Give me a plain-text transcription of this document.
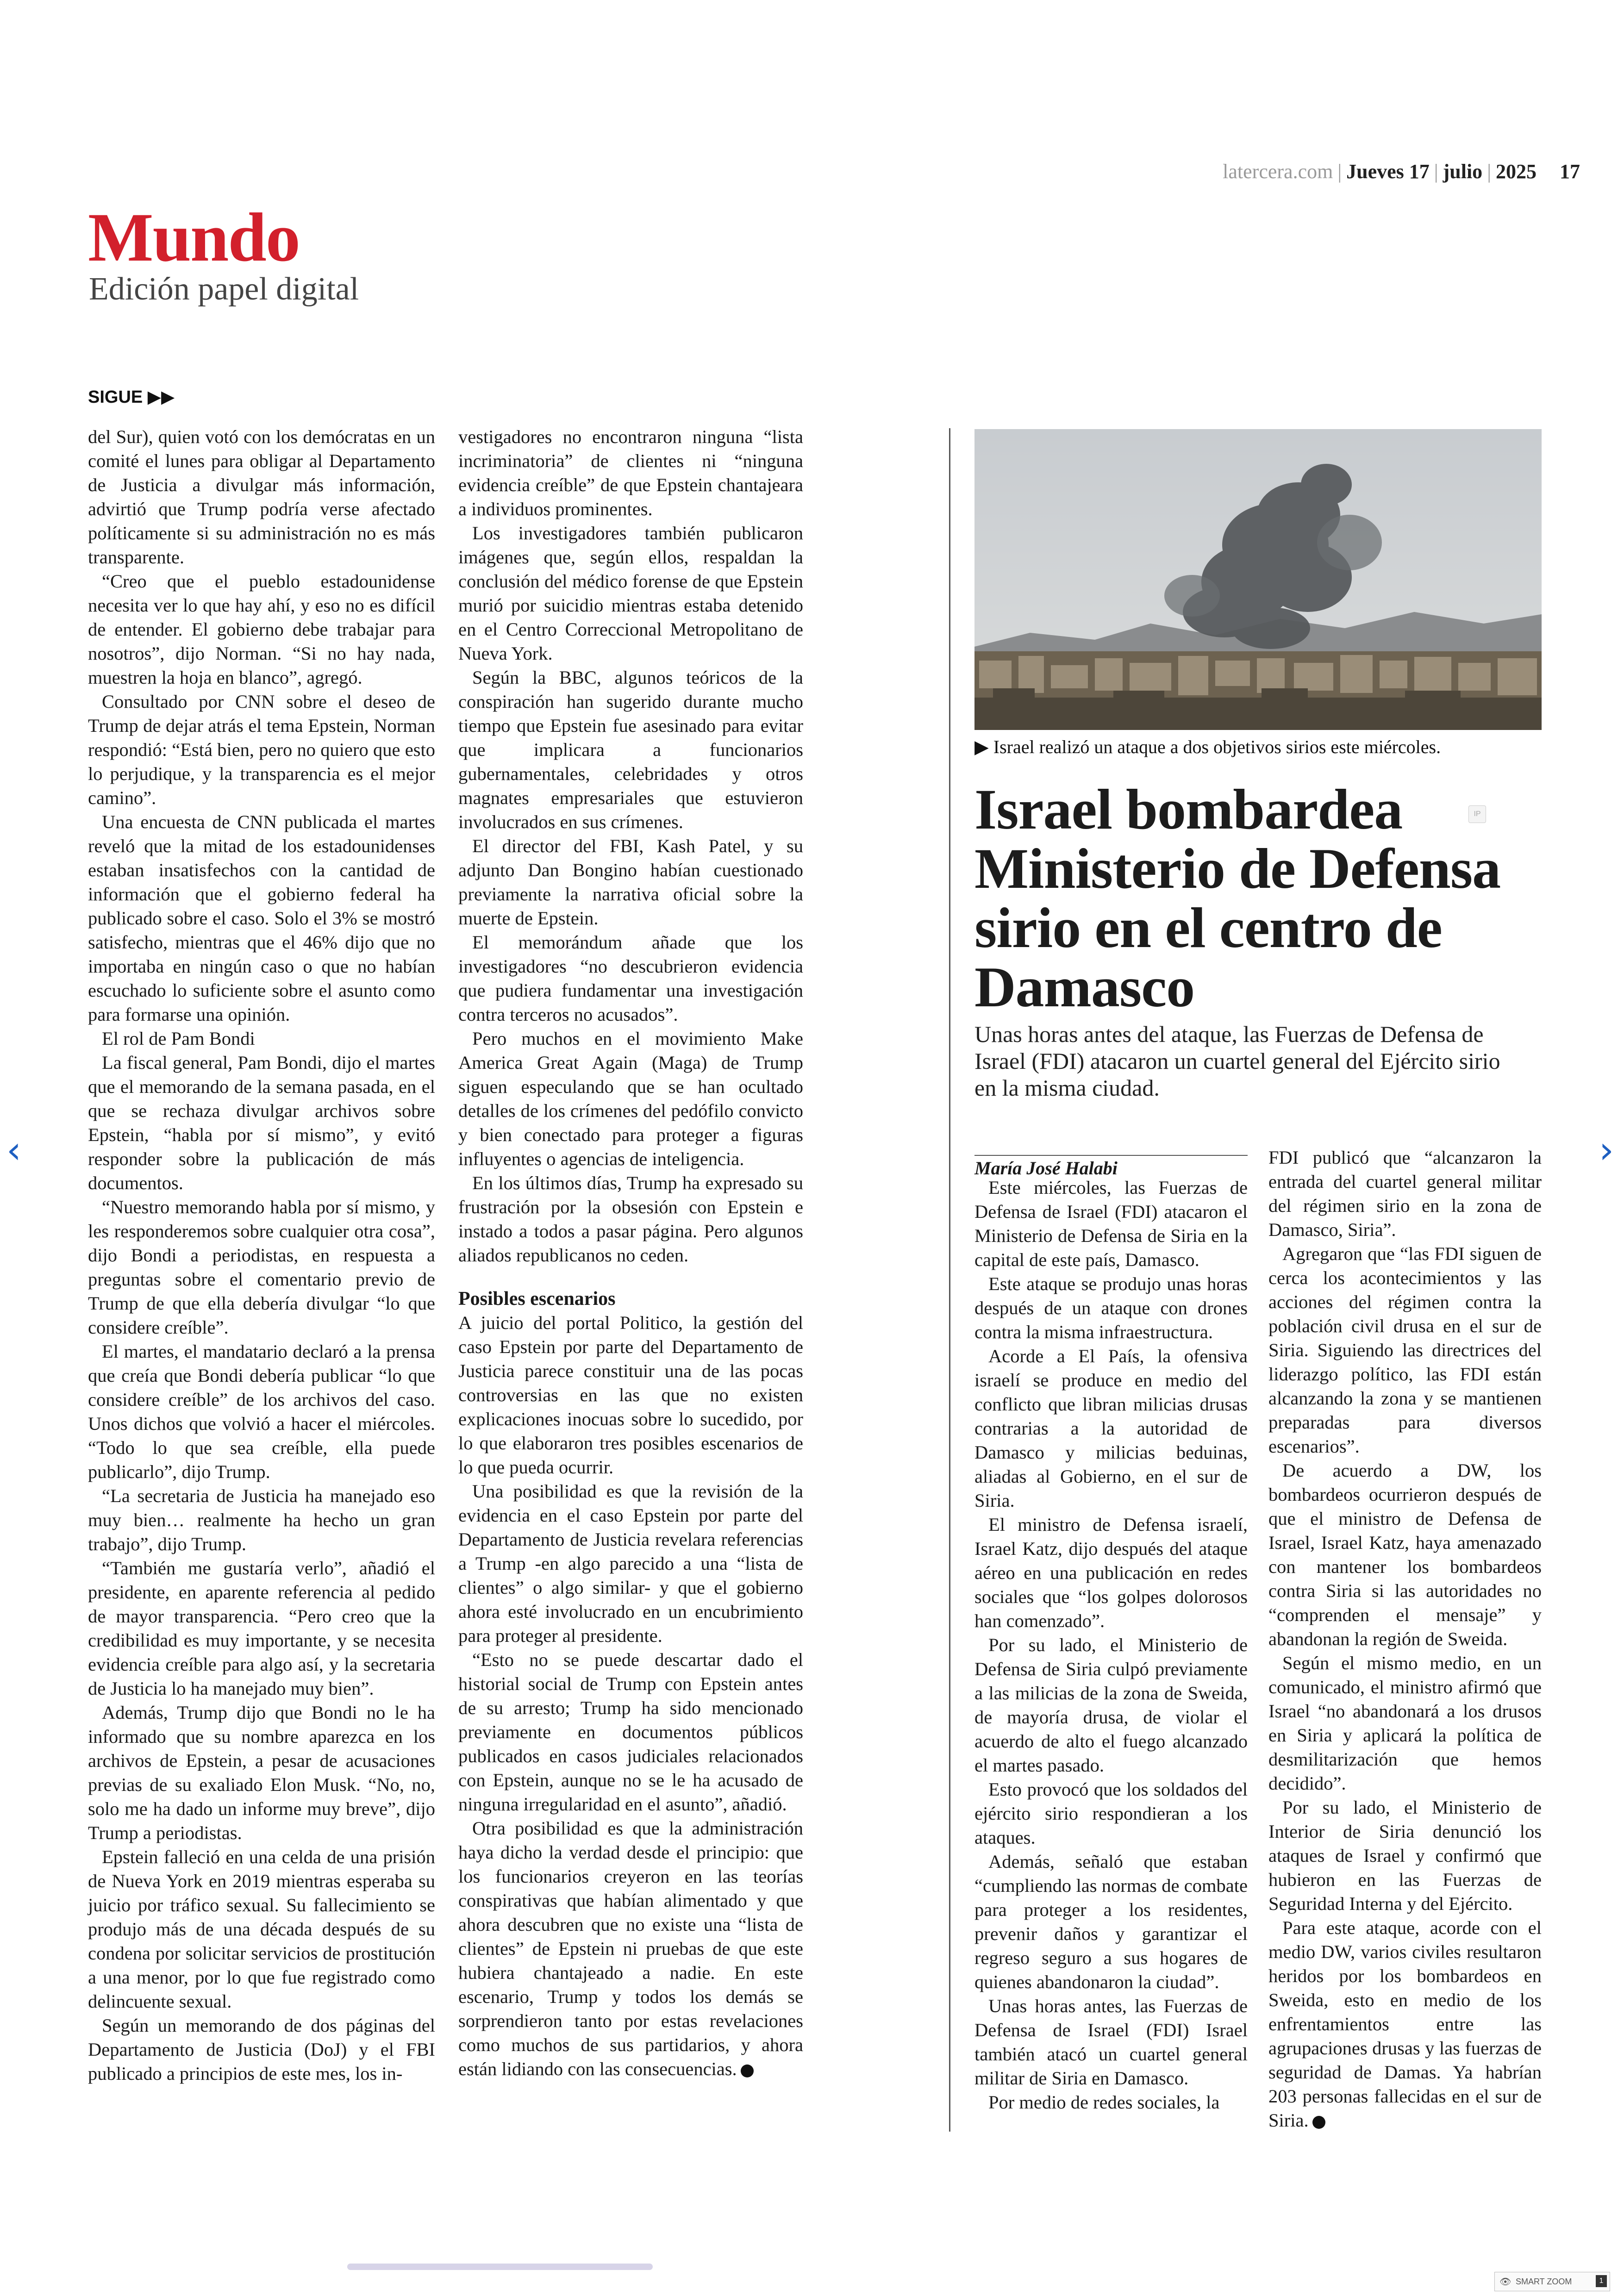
latercera.com | Jueves 17 | julio | 2025 17
Mundo
Edición papel digital
SIGUE ▶▶

del Sur), quien votó con los demócratas en un comité el lunes para obligar al Departamento de Justicia a divulgar más información, advirtió que Trump podría verse afectado políticamente si su administración no es más transparente.

“Creo que el pueblo estadounidense necesita ver lo que hay ahí, y eso no es difícil de entender. El gobierno debe trabajar para nosotros”, dijo Norman. “Si no hay nada, muestren la hoja en blanco”, agregó.

Consultado por CNN sobre el deseo de Trump de dejar atrás el tema Epstein, Norman respondió: “Está bien, pero no quiero que esto lo perjudique, y la transparencia es el mejor camino”.

Una encuesta de CNN publicada el martes reveló que la mitad de los estadounidenses estaban insatisfechos con la cantidad de información que el gobierno federal ha publicado sobre el caso. Solo el 3% se mostró satisfecho, mientras que el 46% dijo que no importaba en ningún caso o que no habían escuchado lo suficiente sobre el asunto como para formarse una opinión.

El rol de Pam Bondi

La fiscal general, Pam Bondi, dijo el martes que el memorando de la semana pasada, en el que se rechaza divulgar archivos sobre Epstein, “habla por sí mismo”, y evitó responder sobre la publicación de más documentos.

“Nuestro memorando habla por sí mismo, y les responderemos sobre cualquier otra cosa”, dijo Bondi a periodistas, en respuesta a preguntas sobre el comentario previo de Trump de que ella debería divulgar “lo que considere creíble”.

El martes, el mandatario declaró a la prensa que creía que Bondi debería publicar “lo que considere creíble” de los archivos del caso. Unos dichos que volvió a hacer el miércoles. “Todo lo que sea creíble, ella puede publicarlo”, dijo Trump.

“La secretaria de Justicia ha manejado eso muy bien… realmente ha hecho un gran trabajo”, dijo Trump.

“También me gustaría verlo”, añadió el presidente, en aparente referencia al pedido de mayor transparencia. “Pero creo que la credibilidad es muy importante, y se necesita evidencia creíble para algo así, y la secretaria de Justicia lo ha manejado muy bien”.

Además, Trump dijo que Bondi no le ha informado que su nombre aparezca en los archivos de Epstein, a pesar de acusaciones previas de su exaliado Elon Musk. “No, no, solo me ha dado un informe muy breve”, dijo Trump a periodistas.

Epstein falleció en una celda de una prisión de Nueva York en 2019 mientras esperaba su juicio por tráfico sexual. Su fallecimiento se produjo más de una década después de su condena por solicitar servicios de prostitución a una menor, por lo que fue registrado como delincuente sexual.

Según un memorando de dos páginas del Departamento de Justicia (DoJ) y el FBI publicado a principios de este mes, los in-

vestigadores no encontraron ninguna “lista incriminatoria” de clientes ni “ninguna evidencia creíble” de que Epstein chantajeara a individuos prominentes.

Los investigadores también publicaron imágenes que, según ellos, respaldan la conclusión del médico forense de que Epstein murió por suicidio mientras estaba detenido en el Centro Correccional Metropolitano de Nueva York.

Según la BBC, algunos teóricos de la conspiración han sugerido durante mucho tiempo que Epstein fue asesinado para evitar que implicara a funcionarios gubernamentales, celebridades y otros magnates empresariales que estuvieron involucrados en sus crímenes.

El director del FBI, Kash Patel, y su adjunto Dan Bongino habían cuestionado previamente la narrativa oficial sobre la muerte de Epstein.

El memorándum añade que los investigadores “no descubrieron evidencia que pudiera fundamentar una investigación contra terceros no acusados”.

Pero muchos en el movimiento Make America Great Again (Maga) de Trump siguen especulando que se han ocultado detalles de los crímenes del pedófilo convicto y bien conectado para proteger a figuras influyentes o agencias de inteligencia.

En los últimos días, Trump ha expresado su frustración por la obsesión con Epstein e instado a todos a pasar página. Pero algunos aliados republicanos no ceden.

Posibles escenarios

A juicio del portal Politico, la gestión del caso Epstein por parte del Departamento de Justicia parece constituir una de las pocas controversias en las que no existen explicaciones inocuas sobre lo sucedido, por lo que elaboraron tres posibles escenarios de lo que pueda ocurrir.

Una posibilidad es que la revisión de la evidencia en el caso Epstein por parte del Departamento de Justicia revelara referencias a Trump -en algo parecido a una “lista de clientes” o algo similar- y que el gobierno ahora esté involucrado en un encubrimiento para proteger al presidente.

“Esto no se puede descartar dado el historial social de Trump con Epstein antes de su arresto; Trump ha sido mencionado previamente en documentos públicos publicados en casos judiciales relacionados con Epstein, aunque no se le ha acusado de ninguna irregularidad en el asunto”, añadió.

Otra posibilidad es que la administración haya dicho la verdad desde el principio: que los funcionarios creyeron en las teorías conspirativas que habían alimentado y que ahora descubren que no existe una “lista de clientes” de Epstein ni pruebas de que este hubiera chantajeado a nadie. En este escenario, Trump y todos los demás se sorprendieron tanto por estas revelaciones como muchos de sus partidarios, y ahora están lidiando con las consecuencias.

▶ Israel realizó un ataque a dos objetivos sirios este miércoles.
Israel bombardea Ministerio de Defensa sirio en el centro de Damasco
IP
Unas horas antes del ataque, las Fuerzas de Defensa de Israel (FDI) atacaron un cuartel general del Ejército sirio en la misma ciudad.
María José Halabi

Este miércoles, las Fuerzas de Defensa de Israel (FDI) atacaron el Ministerio de Defensa de Siria en la capital de este país, Damasco.

Este ataque se produjo unas horas después de un ataque con drones contra la misma infraestructura.

Acorde a El País, la ofensiva israelí se produce en medio del conflicto que libran milicias drusas contrarias a la autoridad de Damasco y milicias beduinas, aliadas al Gobierno, en el sur de Siria.

El ministro de Defensa israelí, Israel Katz, dijo después del ataque aéreo en una publicación en redes sociales que “los golpes dolorosos han comenzado”.

Por su lado, el Ministerio de Defensa de Siria culpó previamente a las milicias de la zona de Sweida, de mayoría drusa, de violar el acuerdo de alto el fuego alcanzado el martes pasado.

Esto provocó que los soldados del ejército sirio respondieran a los ataques.

Además, señaló que estaban “cumpliendo las normas de combate para proteger a los residentes, prevenir daños y garantizar el regreso seguro a sus hogares de quienes abandonaron la ciudad”.

Unas horas antes, las Fuerzas de Defensa de Israel (FDI) Israel también atacó un cuartel general militar de Siria en Damasco.

Por medio de redes sociales, la

FDI publicó que “alcanzaron la entrada del cuartel general militar del régimen sirio en la zona de Damasco, Siria”.

Agregaron que “las FDI siguen de cerca los acontecimientos y las acciones del régimen contra la población civil drusa en el sur de Siria. Siguiendo las directrices del liderazgo político, las FDI están alcanzando la zona y se mantienen preparadas para diversos escenarios”.

De acuerdo a DW, los bombardeos ocurrieron después de que el ministro de Defensa de Israel, Israel Katz, haya amenazado con mantener los bombardeos contra Siria si las autoridades no “comprenden el mensaje” y abandonan la región de Sweida.

Según el mismo medio, en un comunicado, el ministro afirmó que Israel “no abandonará a los drusos en Siria y aplicará la política de desmilitarización que hemos decidido”.

Por su lado, el Ministerio de Interior de Siria denunció los ataques de Israel y confirmó que hubieron en las Fuerzas de Seguridad Interna y del Ejército.

Para este ataque, acorde con el medio DW, varios civiles resultaron heridos por los bombardeos en Sweida, esto en medio de los enfrentamientos entre las agrupaciones drusas y las fuerzas de seguridad de Damas. Ya habrían 203 personas fallecidas en el sur de Siria.

‹	›
👁 SMART ZOOM	1
